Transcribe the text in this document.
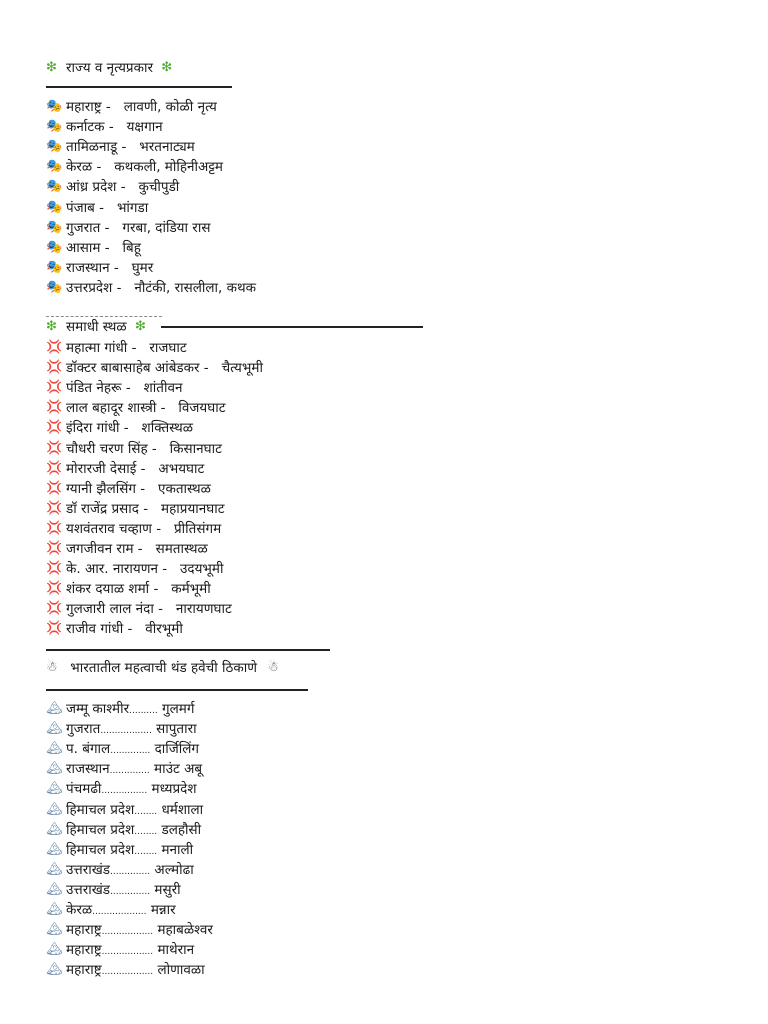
❇ राज्य व नृत्यप्रकार ❇
🎭 महाराष्ट्र -   लावणी, कोळी नृत्य
🎭 कर्नाटक -   यक्षगान
🎭 तामिळनाडू -   भरतनाट्यम
🎭 केरळ -   कथकली, मोहिनीअट्टम
🎭 आंध्र प्रदेश -   कुचीपुडी
🎭 पंजाब -   भांगडा
🎭 गुजरात -   गरबा, दांडिया रास
🎭 आसाम -   बिहू
🎭 राजस्थान -   घुमर
🎭 उत्तरप्रदेश -   नौटंकी, रासलीला, कथक
❇ समाधी स्थळ ❇
💢 महात्मा गांधी -   राजघाट
💢 डॉक्टर बाबासाहेब आंबेडकर -   चैत्यभूमी
💢 पंडित नेहरू -   शांतीवन
💢 लाल बहादूर शास्त्री -   विजयघाट
💢 इंदिरा गांधी -   शक्तिस्थळ
💢 चौधरी चरण सिंह -   किसानघाट
💢 मोरारजी देसाई -   अभयघाट
💢 ग्यानी झैलसिंग -   एकतास्थळ
💢 डॉ राजेंद्र प्रसाद -   महाप्रयानघाट
💢 यशवंतराव चव्हाण -   प्रीतिसंगम
💢 जगजीवन राम -   समतास्थळ
💢 के. आर. नारायणन -   उदयभूमी
💢 शंकर दयाळ शर्मा -   कर्मभूमी
💢 गुलजारी लाल नंदा -   नारायणघाट
💢 राजीव गांधी -   वीरभूमी
☃ भारतातील महत्वाची थंड हवेची ठिकाणे ☃
🏔 जम्मू काश्मीर.......... गुलमर्ग
🏔 गुजरात.................. सापुतारा
🏔 प. बंगाल.............. दार्जिलिंग
🏔 राजस्थान.............. माउंट अबू
🏔 पंचमढी................ मध्यप्रदेश
🏔 हिमाचल प्रदेश........ धर्मशाला
🏔 हिमाचल प्रदेश........ डलहौसी
🏔 हिमाचल प्रदेश........ मनाली
🏔 उत्तराखंड.............. अल्मोढा
🏔 उत्तराखंड.............. मसुरी
🏔 केरळ................... मन्नार
🏔 महाराष्ट्र.................. महाबळेश्वर
🏔 महाराष्ट्र.................. माथेरान
🏔 महाराष्ट्र.................. लोणावळा
